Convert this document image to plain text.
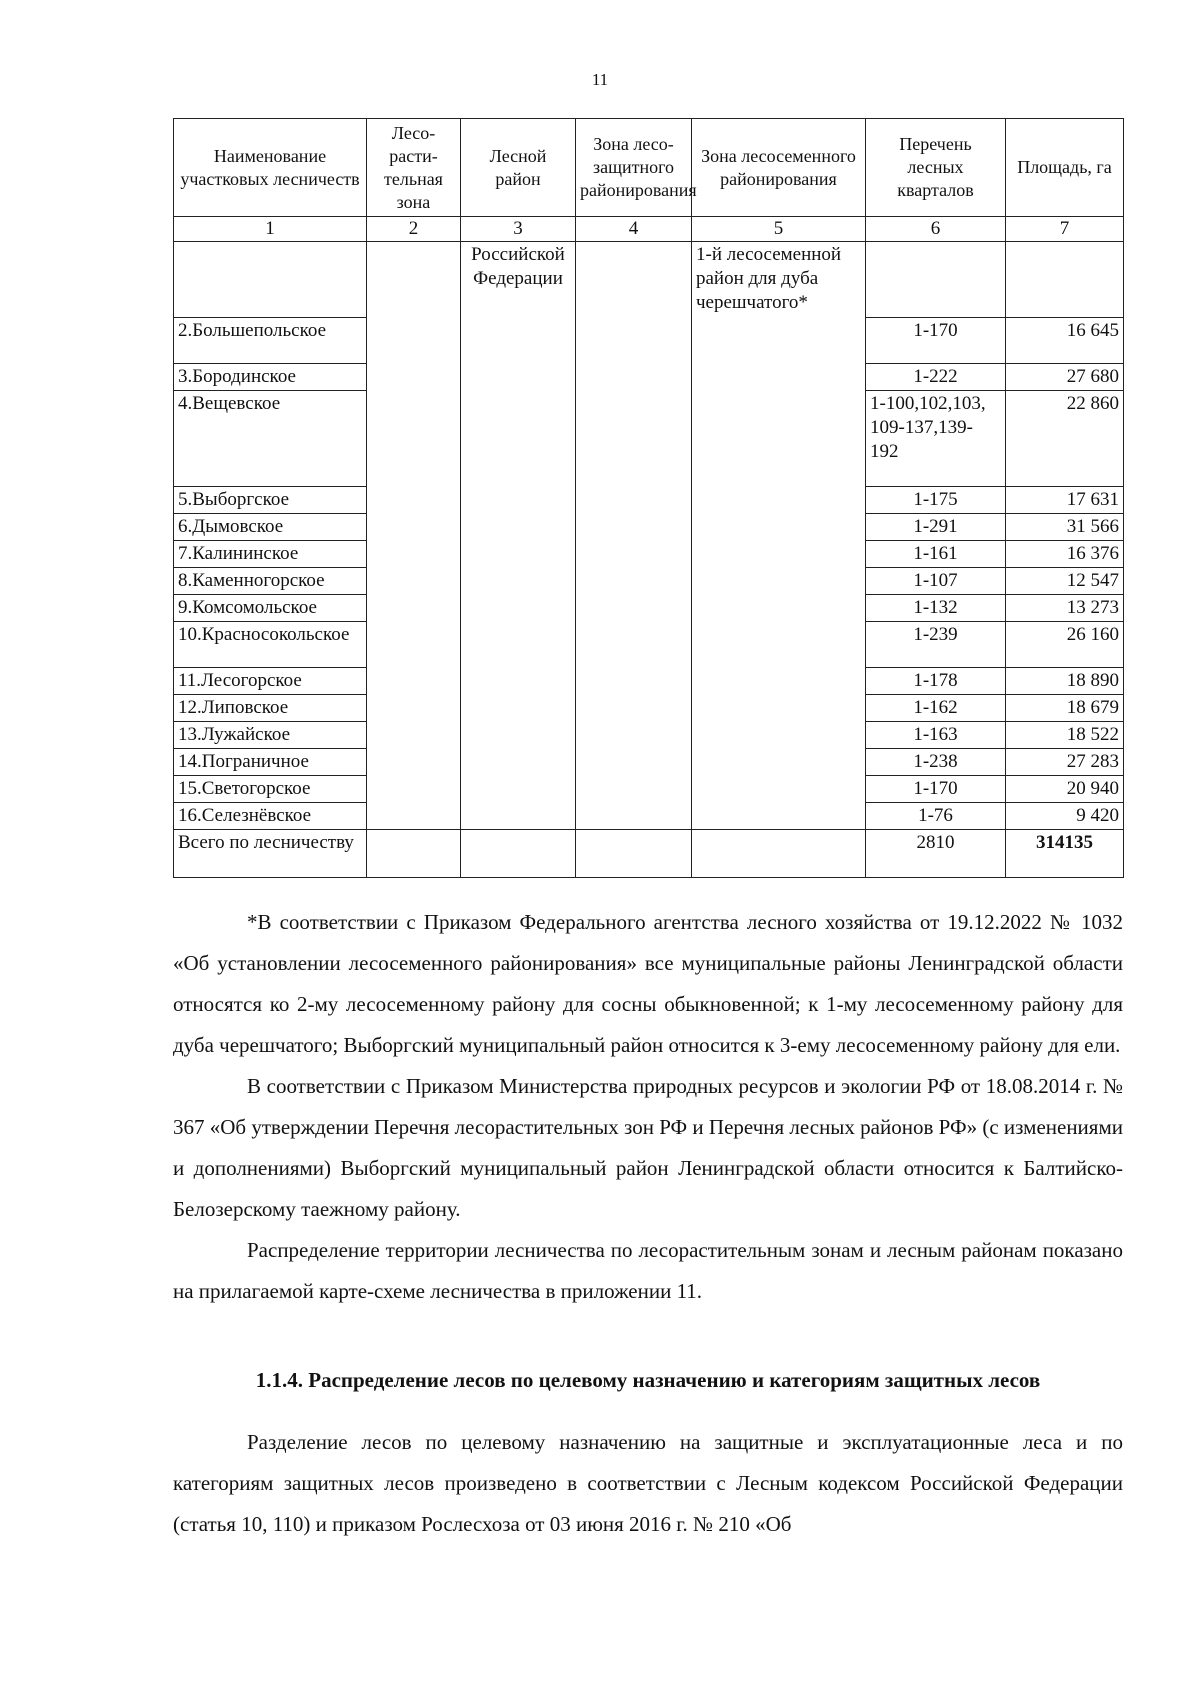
11
Наименование участковых лесничеств	Лесо-расти-тельная зона	Лесной район	Зона лесо-защитного районирования	Зона лесосеменного районирования	Перечень лесных кварталов	Площадь, га
1	2	3	4	5	6	7
		Российской Федерации		1-й лесосеменной район для дуба черешчатого*		
2.Большепольское					1-170	16 645
3.Бородинское					1-222	27 680
4.Вещевское					1-100,102,103, 109-137,139-192	22 860
5.Выборгское					1-175	17 631
6.Дымовское					1-291	31 566
7.Калининское					1-161	16 376
8.Каменногорское					1-107	12 547
9.Комсомольское					1-132	13 273
10.Красносокольское					1-239	26 160
11.Лесогорское					1-178	18 890
12.Липовское					1-162	18 679
13.Лужайское					1-163	18 522
14.Пограничное					1-238	27 283
15.Светогорское					1-170	20 940
16.Селезнёвское					1-76	9 420
Всего по лесничеству					2810	314135

*В соответствии с Приказом Федерального агентства лесного хозяйства от 19.12.2022 № 1032 «Об установлении лесосеменного районирования» все муниципальные районы Ленинградской области относятся ко 2-му лесосеменному району для сосны обыкновенной; к 1-му лесосеменному району для дуба черешчатого; Выборгский муниципальный район относится к 3-ему лесосеменному району для ели.

В соответствии с Приказом Министерства природных ресурсов и экологии РФ от 18.08.2014 г. № 367 «Об утверждении Перечня лесорастительных зон РФ и Перечня лесных районов РФ» (с изменениями и дополнениями) Выборгский муниципальный район Ленинградской области относится к Балтийско-Белозерскому таежному району.

Распределение территории лесничества по лесорастительным зонам и лесным районам показано на прилагаемой карте-схеме лесничества в приложении 11.

1.1.4. Распределение лесов по целевому назначению и категориям защитных лесов

Разделение лесов по целевому назначению на защитные и эксплуатационные леса и по категориям защитных лесов произведено в соответствии с Лесным кодексом Российской Федерации (статья 10, 110) и приказом Рослесхоза от 03 июня 2016 г. № 210 «Об
